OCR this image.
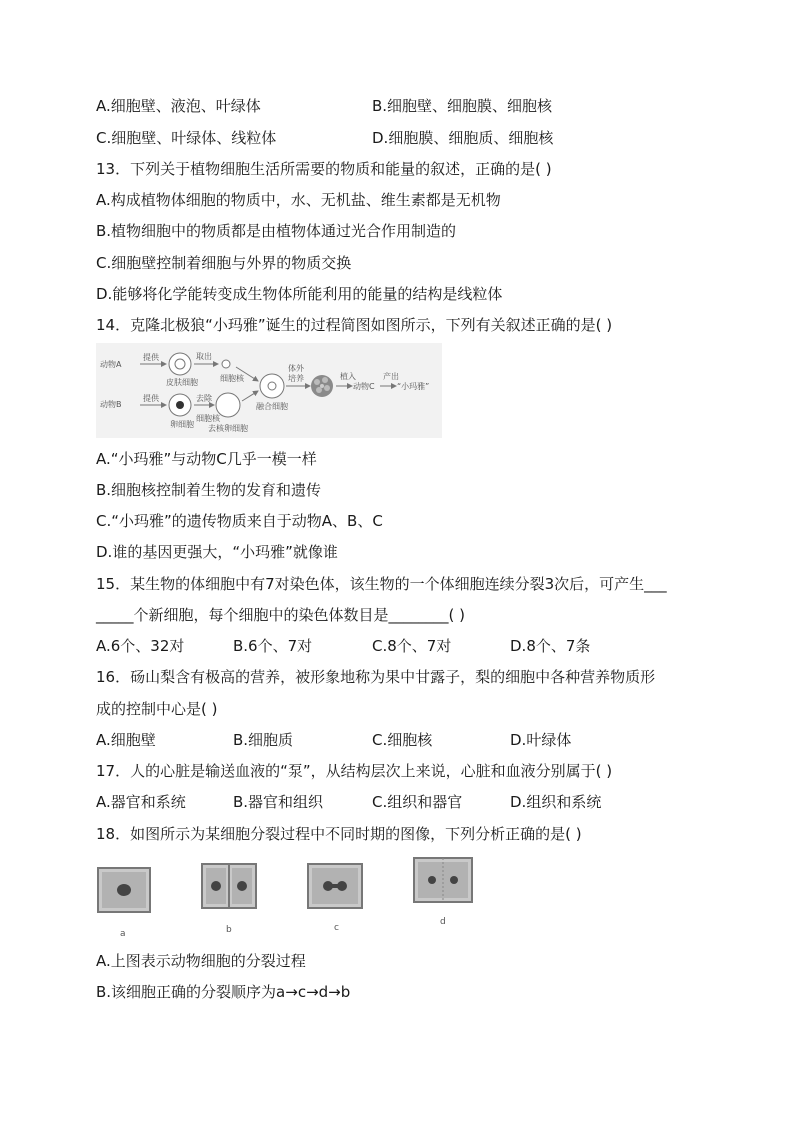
A.细胞壁、液泡、叶绿体	B.细胞壁、细胞膜、细胞核
C.细胞壁、叶绿体、线粒体	D.细胞膜、细胞质、细胞核
13．下列关于植物细胞生活所需要的物质和能量的叙述，正确的是( )
A.构成植物体细胞的物质中，水、无机盐、维生素都是无机物
B.植物细胞中的物质都是由植物体通过光合作用制造的
C.细胞壁控制着细胞与外界的物质交换
D.能够将化学能转变成生物体所能利用的能量的结构是线粒体
14．克隆北极狼“小玛雅”诞生的过程简图如图所示，下列有关叙述正确的是( )
动物A
提供
皮肤细胞
取出
细胞核
动物B
提供
卵细胞
去除
细胞核
去核卵细胞
融合细胞
体外
培养	植入
动物C
产出
“小玛雅”
A.“小玛雅”与动物C几乎一模一样
B.细胞核控制着生物的发育和遗传
C.“小玛雅”的遗传物质来自于动物A、B、C
D.谁的基因更强大，“小玛雅”就像谁
15．某生物的体细胞中有7对染色体，该生物的一个体细胞连续分裂3次后，可产生___
_____个新细胞，每个细胞中的染色体数目是________( )
A.6个、32对	B.6个、7对	C.8个、7对	D.8个、7条
16．砀山梨含有极高的营养，被形象地称为果中甘露子，梨的细胞中各种营养物质形
成的控制中心是( )
A.细胞壁	B.细胞质	C.细胞核	D.叶绿体
17．人的心脏是输送血液的“泵”，从结构层次上来说，心脏和血液分别属于( )
A.器官和系统	B.器官和组织	C.组织和器官	D.组织和系统
18．如图所示为某细胞分裂过程中不同时期的图像，下列分析正确的是( )
a	b	c
d
A.上图表示动物细胞的分裂过程
B.该细胞正确的分裂顺序为a→c→d→b
